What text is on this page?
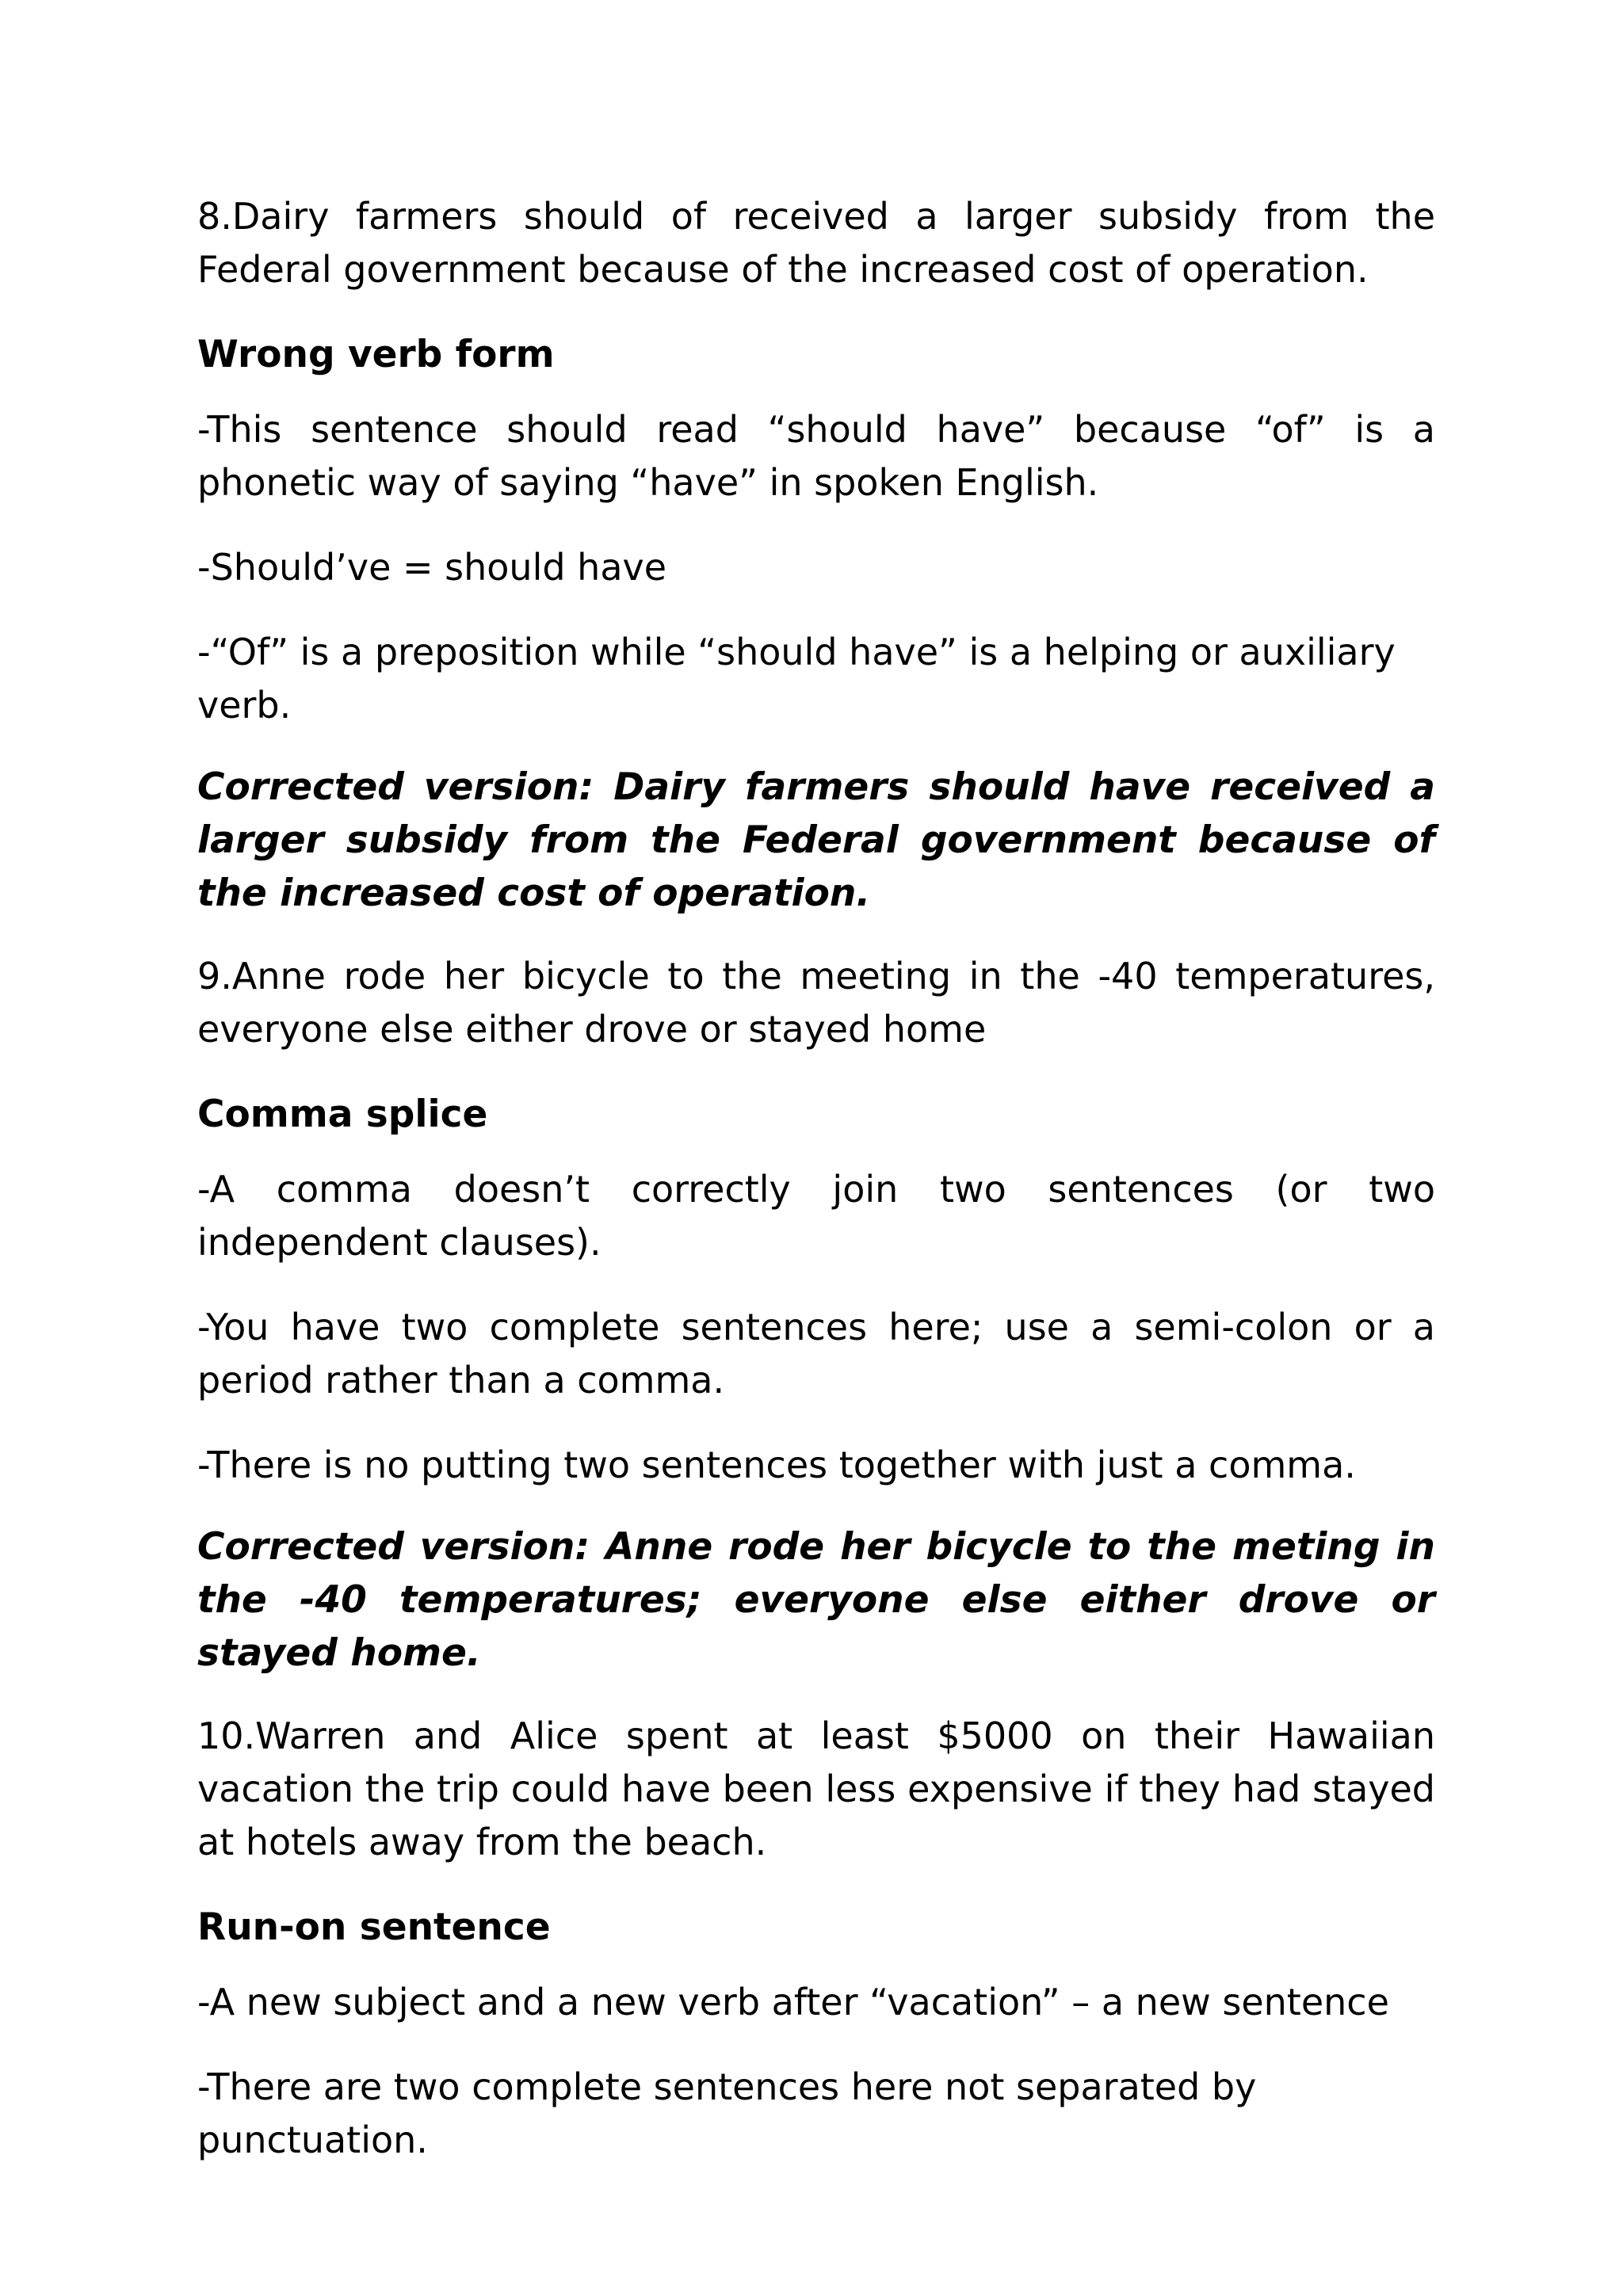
8.Dairy farmers should of received a larger subsidy from the Federal government because of the increased cost of operation.

Wrong verb form

-This sentence should read “should have” because “of” is a phonetic way of saying “have” in spoken English.

-Should’ve = should have

-“Of” is a preposition while “should have” is a helping or auxiliary verb.

Corrected version: Dairy farmers should have received a larger subsidy from the Federal government because of the increased cost of operation.

9.Anne rode her bicycle to the meeting in the -40 temperatures, everyone else either drove or stayed home

Comma splice

-A comma doesn’t correctly join two sentences (or two independent clauses).

-You have two complete sentences here; use a semi-colon or a period rather than a comma.

-There is no putting two sentences together with just a comma.

Corrected version: Anne rode her bicycle to the meting in the -40 temperatures; everyone else either drove or stayed home.

10.Warren and Alice spent at least $5000 on their Hawaiian vacation the trip could have been less expensive if they had stayed at hotels away from the beach.

Run-on sentence

-A new subject and a new verb after “vacation” – a new sentence

-There are two complete sentences here not separated by punctuation.
